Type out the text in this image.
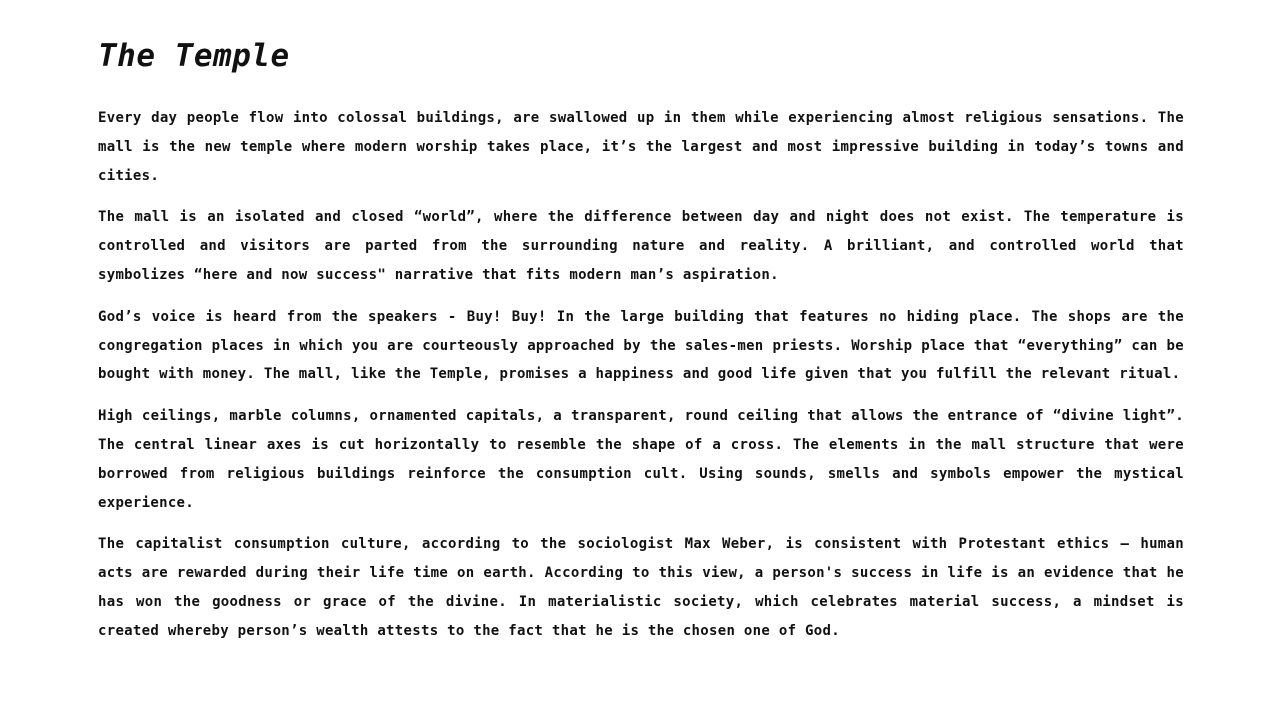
The Temple

Every day people flow into colossal buildings, are swallowed up in them while experiencing almost religious sensations. The mall is the new temple where modern worship takes place, it’s the largest and most impressive building in today’s towns and cities.

The mall is an isolated and closed “world”, where the difference between day and night does not exist. The temperature is controlled and visitors are parted from the surrounding nature and reality. A brilliant, and controlled world that symbolizes “here and now success" narrative that fits modern man’s aspiration.

God’s voice is heard from the speakers - Buy! Buy! In the large building that features no hiding place. The shops are the congregation places in which you are courteously approached by the sales-men priests. Worship place that “everything” can be bought with money. The mall, like the Temple, promises a happiness and good life given that you fulfill the relevant ritual.

High ceilings, marble columns, ornamented capitals, a transparent, round ceiling that allows the entrance of “divine light”. The central linear axes is cut horizontally to resemble the shape of a cross. The elements in the mall structure that were borrowed from religious buildings reinforce the consumption cult. Using sounds, smells and symbols empower the mystical experience.

The capitalist consumption culture, according to the sociologist Max Weber, is consistent with Protestant ethics – human acts are rewarded during their life time on earth. According to this view, a person's success in life is an evidence that he has won the goodness or grace of the divine. In materialistic society, which celebrates material success, a mindset is created whereby person’s wealth attests to the fact that he is the chosen one of God.
